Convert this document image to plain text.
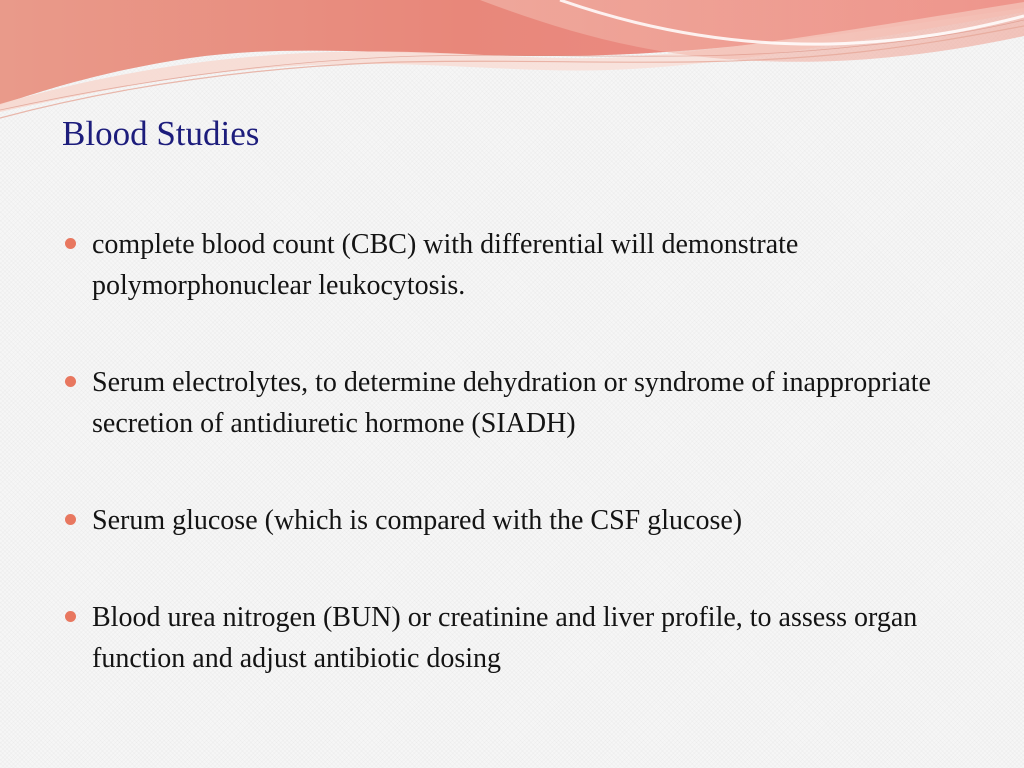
Blood Studies
complete blood count (CBC) with differential will demonstrate polymorphonuclear leukocytosis.
Serum electrolytes, to determine dehydration or syndrome of inappropriate secretion of antidiuretic hormone (SIADH)
Serum glucose (which is compared with the CSF glucose)
Blood urea nitrogen (BUN) or creatinine and liver profile, to assess organ function and adjust antibiotic dosing
